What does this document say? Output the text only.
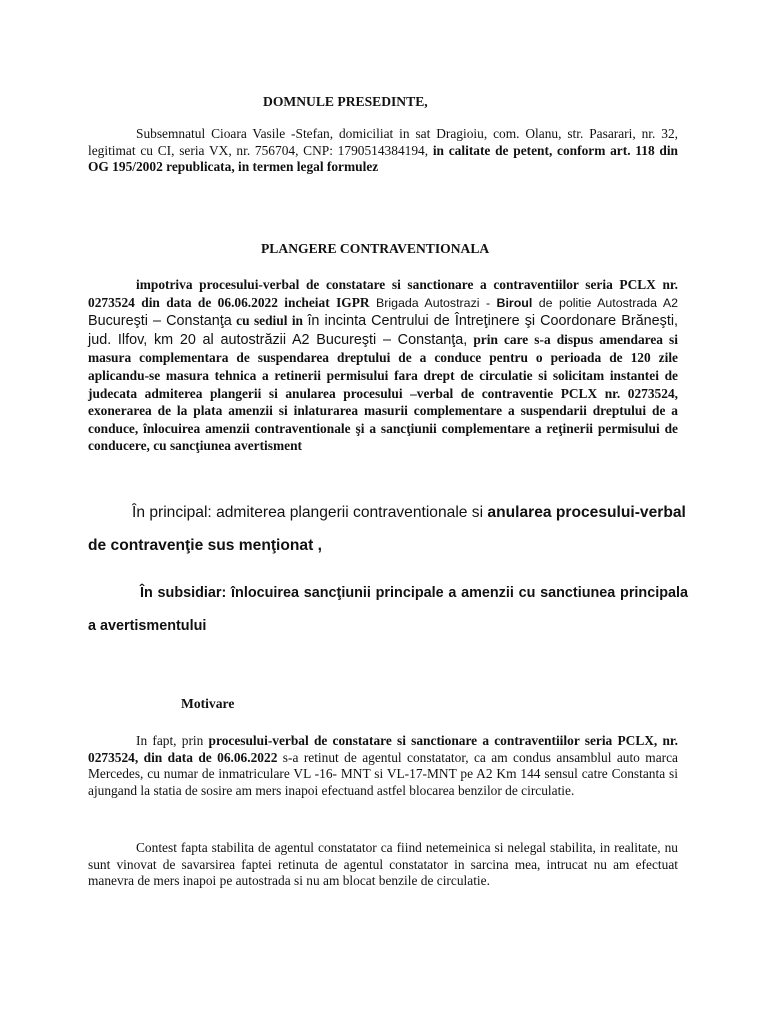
DOMNULE PRESEDINTE,

Subsemnatul Cioara Vasile -Stefan, domiciliat in sat Dragioiu, com. Olanu, str. Pasarari, nr. 32, legitimat cu CI, seria VX, nr. 756704, CNP: 1790514384194, in calitate de petent, conform art. 118 din OG 195/2002 republicata, in termen legal formulez

PLANGERE CONTRAVENTIONALA

impotriva procesului-verbal de constatare si sanctionare a contraventiilor seria PCLX nr. 0273524 din data de 06.06.2022 incheiat IGPR Brigada Autostrazi - Biroul de politie Autostrada A2 Bucureşti – Constanţa cu sediul in în incinta Centrului de Întreţinere şi Coordonare Brăneşti, jud. Ilfov, km 20 al autostrăzii A2 Bucureşti – Constanţa, prin care s-a dispus amendarea si masura complementara de suspendarea dreptului de a conduce pentru o perioada de 120 zile aplicandu-se masura tehnica a retinerii permisului fara drept de circulatie si solicitam instantei de judecata admiterea plangerii si anularea procesului –verbal de contraventie PCLX nr. 0273524, exonerarea de la plata amenzii si inlaturarea masurii complementare a suspendarii dreptului de a conduce, înlocuirea amenzii contraventionale şi a sancţiunii complementare a reţinerii permisului de conducere, cu sancţiunea avertisment

În principal: admiterea plangerii contraventionale si anularea procesului-verbal de contravenţie sus menţionat ,

În subsidiar: înlocuirea sancţiunii principale a amenzii cu sanctiunea principala a avertismentului

Motivare

In fapt, prin procesului-verbal de constatare si sanctionare a contraventiilor seria PCLX, nr. 0273524, din data de 06.06.2022 s-a retinut de agentul constatator, ca am condus ansamblul auto marca Mercedes, cu numar de inmatriculare VL -16- MNT si VL-17-MNT pe A2 Km 144 sensul catre Constanta si ajungand la statia de sosire am mers inapoi efectuand astfel blocarea benzilor de circulatie.

Contest fapta stabilita de agentul constatator ca fiind netemeinica si nelegal stabilita, in realitate, nu sunt vinovat de savarsirea faptei retinuta de agentul constatator in sarcina mea, intrucat nu am efectuat manevra de mers inapoi pe autostrada si nu am blocat benzile de circulatie.
